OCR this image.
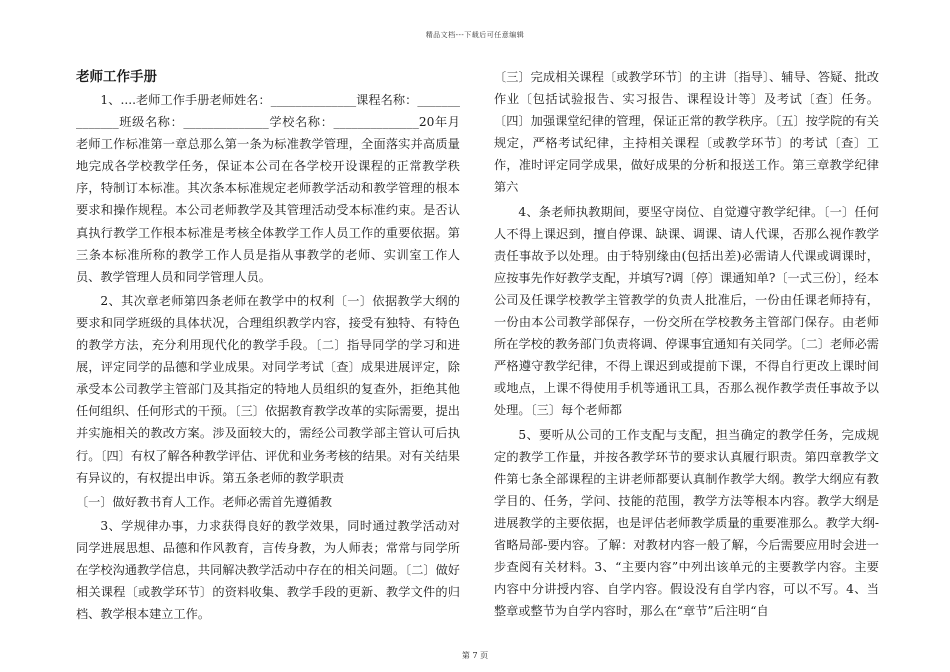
精品文档---下载后可任意编辑
老师工作手册

1、....老师工作手册老师姓名：______________课程名称：______________班级名称：______________学校名称：______________20年月老师工作标准第一章总那么第一条为标准教学管理，全面落实并高质量地完成各学校教学任务，保证本公司在各学校开设课程的正常教学秩序，特制订本标准。其次条本标准规定老师教学活动和教学管理的根本要求和操作规程。本公司老师教学及其管理活动受本标准约束。是否认真执行教学工作根本标准是考核全体教学工作人员工作的重要依据。第三条本标准所称的教学工作人员是指从事教学的老师、实训室工作人员、教学管理人员和同学管理人员。

2、其次章老师第四条老师在教学中的权利〔一〕依据教学大纲的要求和同学班级的具体状况，合理组织教学内容，接受有独特、有特色的教学方法，充分利用现代化的教学手段。〔二〕指导同学的学习和进展，评定同学的品德和学业成果。对同学考试〔查〕成果进展评定，除承受本公司教学主管部门及其指定的特地人员组织的复查外，拒绝其他任何组织、任何形式的干预。〔三〕依据教育教学改革的实际需要，提出并实施相关的教改方案。涉及面较大的，需经公司教学部主管认可后执行。〔四〕有权了解各种教学评估、评优和业务考核的结果。对有关结果有异议的，有权提出申诉。第五条老师的教学职责

〔一〕做好教书育人工作。老师必需首先遵循教

3、学规律办事，力求获得良好的教学效果，同时通过教学活动对同学进展思想、品德和作风教育，言传身教，为人师表；常常与同学所在学校沟通教学信息，共同解决教学活动中存在的相关问题。〔二〕做好相关课程〔或教学环节〕的资料收集、教学手段的更新、教学文件的归档、教学根本建立工作。

〔三〕完成相关课程〔或教学环节〕的主讲〔指导〕、辅导、答疑、批改作业〔包括试验报告、实习报告、课程设计等〕及考试〔查〕任务。〔四〕加强课堂纪律的管理，保证正常的教学秩序。〔五〕按学院的有关规定，严格考试纪律，主持相关课程〔或教学环节〕的考试〔查〕工作，准时评定同学成果，做好成果的分析和报送工作。第三章教学纪律第六

4、条老师执教期间，要坚守岗位、自觉遵守教学纪律。〔一〕任何人不得上课迟到，擅自停课、缺课、调课、请人代课，否那么视作教学责任事故予以处理。由于特别缘由(包括出差)必需请人代课或调课时，应按事先作好教学支配，并填写?调〔停〕课通知单?〔一式三份〕，经本公司及任课学校教学主管教学的负责人批准后，一份由任课老师持有，一份由本公司教学部保存，一份交所在学校教务主管部门保存。由老师所在学校的教务部门负责将调、停课事宜通知有关同学。〔二〕老师必需严格遵守教学纪律，不得上课迟到或提前下课，不得自行更改上课时间或地点，上课不得使用手机等通讯工具，否那么视作教学责任事故予以处理。〔三〕每个老师都

5、要听从公司的工作支配与支配，担当确定的教学任务，完成规定的教学工作量，并按各教学环节的要求认真履行职责。第四章教学文件第七条全部课程的主讲老师都要认真制作教学大纲。教学大纲应有教学目的、任务，学问、技能的范围，教学方法等根本内容。教学大纲是进展教学的主要依据，也是评估老师教学质量的重要准那么。教学大纲-省略局部-要内容。了解：对教材内容一般了解，今后需要应用时会进一步查阅有关材料。3、“主要内容”中列出该单元的主要教学内容。主要内容中分讲授内容、自学内容。假设没有自学内容，可以不写。4、当整章或整节为自学内容时，那么在“章节”后注明“自

第 7 页
